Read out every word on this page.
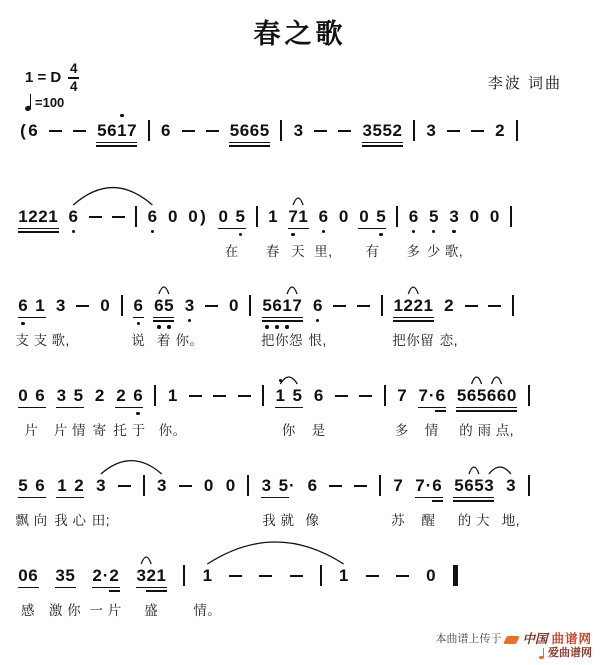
春之歌
1 = D $\frac{4}{4}$
=100
李波 词曲
( 6	5 6 1 7 6	5 6 6 5 3	3 5 5 2 3	2
1 2 2 1 6	6 0 0 ) 0 5
在
1
春
7 1
天
6
里,
0 0 5
有
6
多
5
少
3
歌,
0 0
6 1
支 支
3
歌,
0 6
说
6 5
着
3
你。
0 5 6 1 7
把你怨
6
恨,
1 2 2 1
把你留
2
恋,
0 6
片
3 5
片 情
2
寄
2 6
托 于
1
你。
1 5
你
6
是
7
多
7 · 6
情
5 6 5 6 6 0
的 雨 点,
5 6
飘 向
1 2
我 心
3
田;
3 0 0 3 5 ·
我 就
6
像
7
苏
7 · 6
醒
5 6 5 3
的 大
3
地,
0 6
感
3 5
激 你
2 · 2
一 片
3 2 1
盛
1
情。
1	0
本曲谱上传于 中国 曲谱网
爱曲谱网
